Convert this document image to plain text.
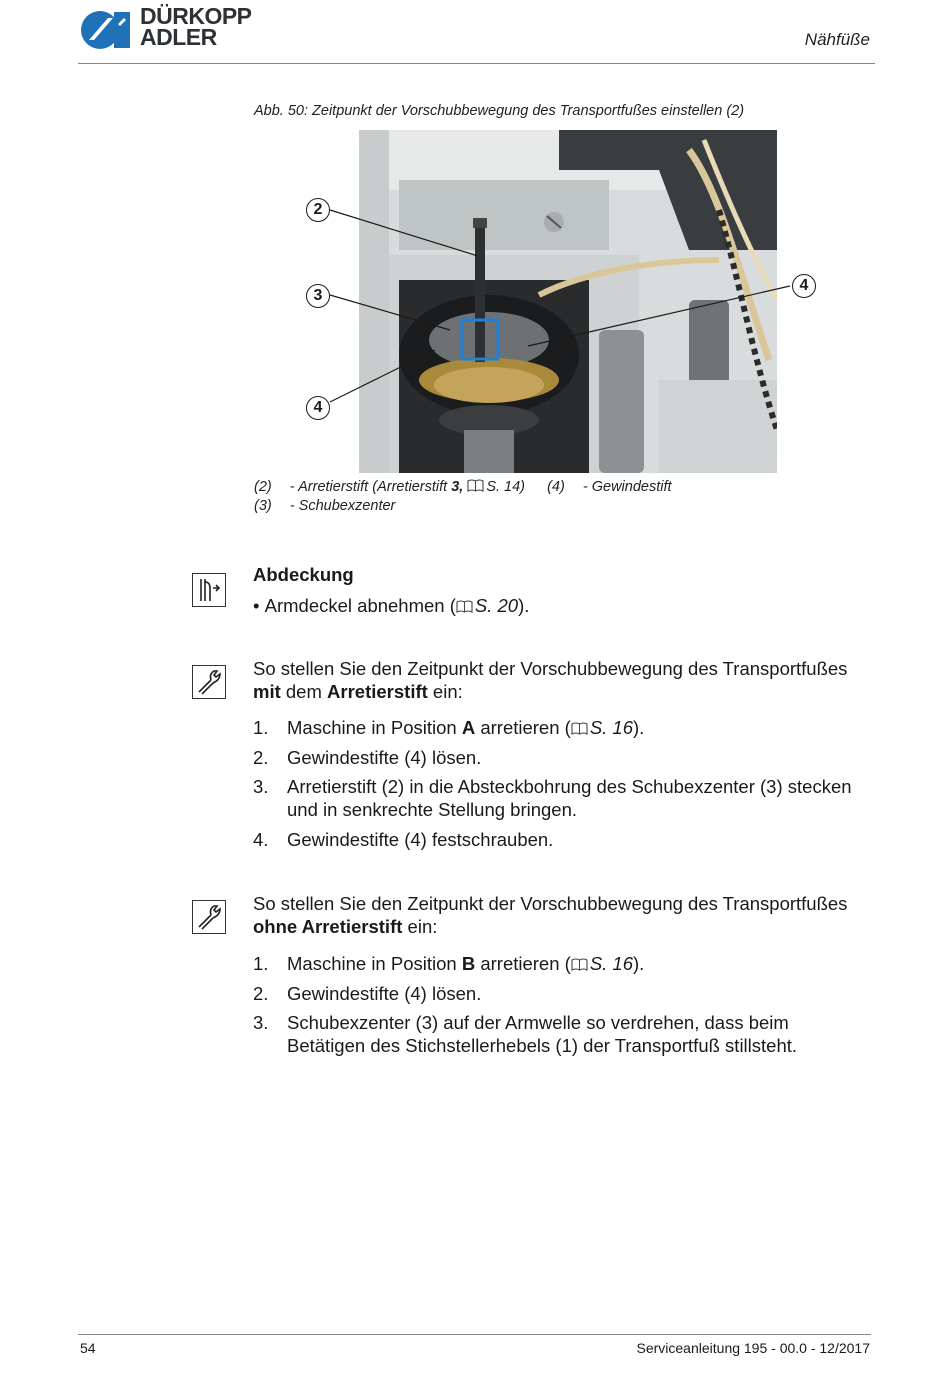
DÜRKOPP
ADLER	Nähfüße
Abb. 50: Zeitpunkt der Vorschubbewegung des Transportfußes einstellen (2)
2
3
4
4
(2) - Arretierstift (Arretierstift 3, S. 14) (4) - Gewindestift
(3) - Schubexzenter
Abdeckung
• Armdeckel abnehmen ( S. 20).
So stellen Sie den Zeitpunkt der Vorschubbewegung des Transportfußes
mit dem Arretierstift ein:
1. Maschine in Position A arretieren ( S. 16).
2. Gewindestifte (4) lösen.
3. Arretierstift (2) in die Absteckbohrung des Schubexzenter (3) stecken
und in senkrechte Stellung bringen.
4. Gewindestifte (4) festschrauben.
So stellen Sie den Zeitpunkt der Vorschubbewegung des Transportfußes
ohne Arretierstift ein:
1. Maschine in Position B arretieren ( S. 16).
2. Gewindestifte (4) lösen.
3. Schubexzenter (3) auf der Armwelle so verdrehen, dass beim
Betätigen des Stichstellerhebels (1) der Transportfuß stillsteht.
54	Serviceanleitung 195 - 00.0 - 12/2017
